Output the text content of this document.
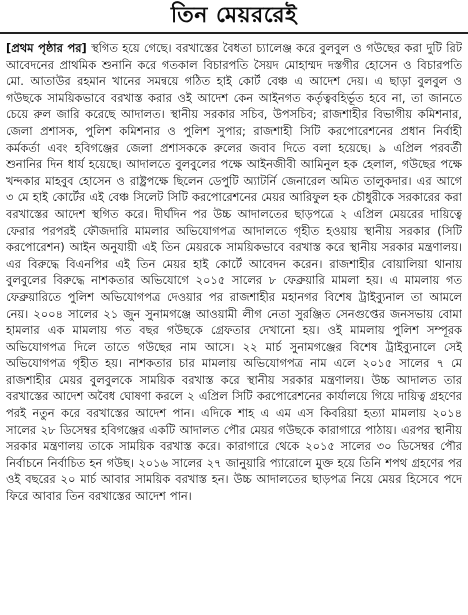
তিন মেয়ররেই

[প্রথম পৃষ্ঠার পর] স্থগিত হয়ে গেছে। বরখাস্তের বৈধতা চ্যালেঞ্জ করে বুলবুল ও গউছের করা দুটি রিট আবেদনের প্রাথমিক শুনানি করে গতকাল বিচারপতি সৈয়দ মোহাম্মদ দস্তগীর হোসেন ও বিচারপতি মো. আতাউর রহমান খানের সমন্বয়ে গঠিত হাই কোর্ট বেঞ্চ এ আদেশ দেয়। এ ছাড়া বুলবুল ও গউছকে সাময়িকভাবে বরখাস্ত করার ওই আদেশ কেন আইনগত কর্তৃত্ববহির্ভূত হবে না, তা জানতে চেয়ে রুল জারি করেছে আদালত। স্থানীয় সরকার সচিব, উপসচিব; রাজশাহীর বিভাগীয় কমিশনার, জেলা প্রশাসক, পুলিশ কমিশনার ও পুলিশ সুপার; রাজশাহী সিটি করপোরেশনের প্রধান নির্বাহী কর্মকর্তা এবং হবিগঞ্জের জেলা প্রশাসককে রুলের জবাব দিতে বলা হয়েছে। ৯ এপ্রিল পরবর্তী শুনানির দিন ধার্য হয়েছে। আদালতে বুলবুলের পক্ষে আইনজীবী আমিনুল হক হেলাল, গউছের পক্ষে খন্দকার মাহবুব হোসেন ও রাষ্ট্রপক্ষে ছিলেন ডেপুটি অ্যাটর্নি জেনারেল অমিত তালুকদার। এর আগে ৩ মে হাই কোর্টের এই বেঞ্চ সিলেট সিটি করপোরেশনের মেয়র আরিফুল হক চৌধুরীকে সরকারের করা বরখাস্তের আদেশ স্থগিত করে। দীর্ঘদিন পর উচ্চ আদালতের ছাড়পত্রে ২ এপ্রিল মেয়রের দায়িত্বে ফেরার পরপরই ফৌজদারি মামলার অভিযোগপত্র আদালতে গৃহীত হওয়ায় স্থানীয় সরকার (সিটি করপোরেশন) আইন অনুযায়ী এই তিন মেয়রকে সাময়িকভাবে বরখাস্ত করে স্থানীয় সরকার মন্ত্রণালয়। এর বিরুদ্ধে বিএনপির এই তিন মেয়র হাই কোর্টে আবেদন করেন। রাজশাহীর বোয়ালিয়া থানায় বুলবুলের বিরুদ্ধে নাশকতার অভিযোগে ২০১৫ সালের ৮ ফেব্রুয়ারি মামলা হয়। এ মামলায় গত ফেব্রুয়ারিতে পুলিশ অভিযোগপত্র দেওয়ার পর রাজশাহীর মহানগর বিশেষ ট্রাইব্যুনাল তা আমলে নেয়। ২০০৪ সালের ২১ জুন সুনামগঞ্জে আওয়ামী লীগ নেতা সুরঞ্জিত সেনগুপ্তের জনসভায় বোমা হামলার এক মামলায় গত বছর গউছকে গ্রেফতার দেখানো হয়। ওই মামলায় পুলিশ সম্পূরক অভিযোগপত্র দিলে তাতে গউছের নাম আসে। ২২ মার্চ সুনামগঞ্জের বিশেষ ট্রাইব্যুনালে সেই অভিযোগপত্র গৃহীত হয়। নাশকতার চার মামলায় অভিযোগপত্র নাম এলে ২০১৫ সালের ৭ মে রাজশাহীর মেয়র বুলবুলকে সাময়িক বরখাস্ত করে স্থানীয় সরকার মন্ত্রণালয়। উচ্চ আদালত তার বরখাস্তের আদেশ অবৈধ ঘোষণা করলে ২ এপ্রিল সিটি করপোরেশনের কার্যালয়ে গিয়ে দায়িত্ব গ্রহণের পরই নতুন করে বরখাস্তের আদেশ পান। এদিকে শাহ এ এম এস কিবরিয়া হত্যা মামলায় ২০১৪ সালের ২৮ ডিসেম্বর হবিগঞ্জের একটি আদালত পৌর মেয়র গউছকে কারাগারে পাঠায়। এরপর স্থানীয় সরকার মন্ত্রণালয় তাকে সাময়িক বরখাস্ত করে। কারাগারে থেকে ২০১৫ সালের ৩০ ডিসেম্বর পৌর নির্বাচনে নির্বাচিত হন গউছ। ২০১৬ সালের ২৭ জানুয়ারি প্যারোলে মুক্ত হয়ে তিনি শপথ গ্রহণের পর ওই বছরের ২০ মার্চ আবার সাময়িক বরখাস্ত হন। উচ্চ আদালতের ছাড়পত্র নিয়ে মেয়র হিসেবে পদে ফিরে আবার তিন বরখাস্তের আদেশ পান।
